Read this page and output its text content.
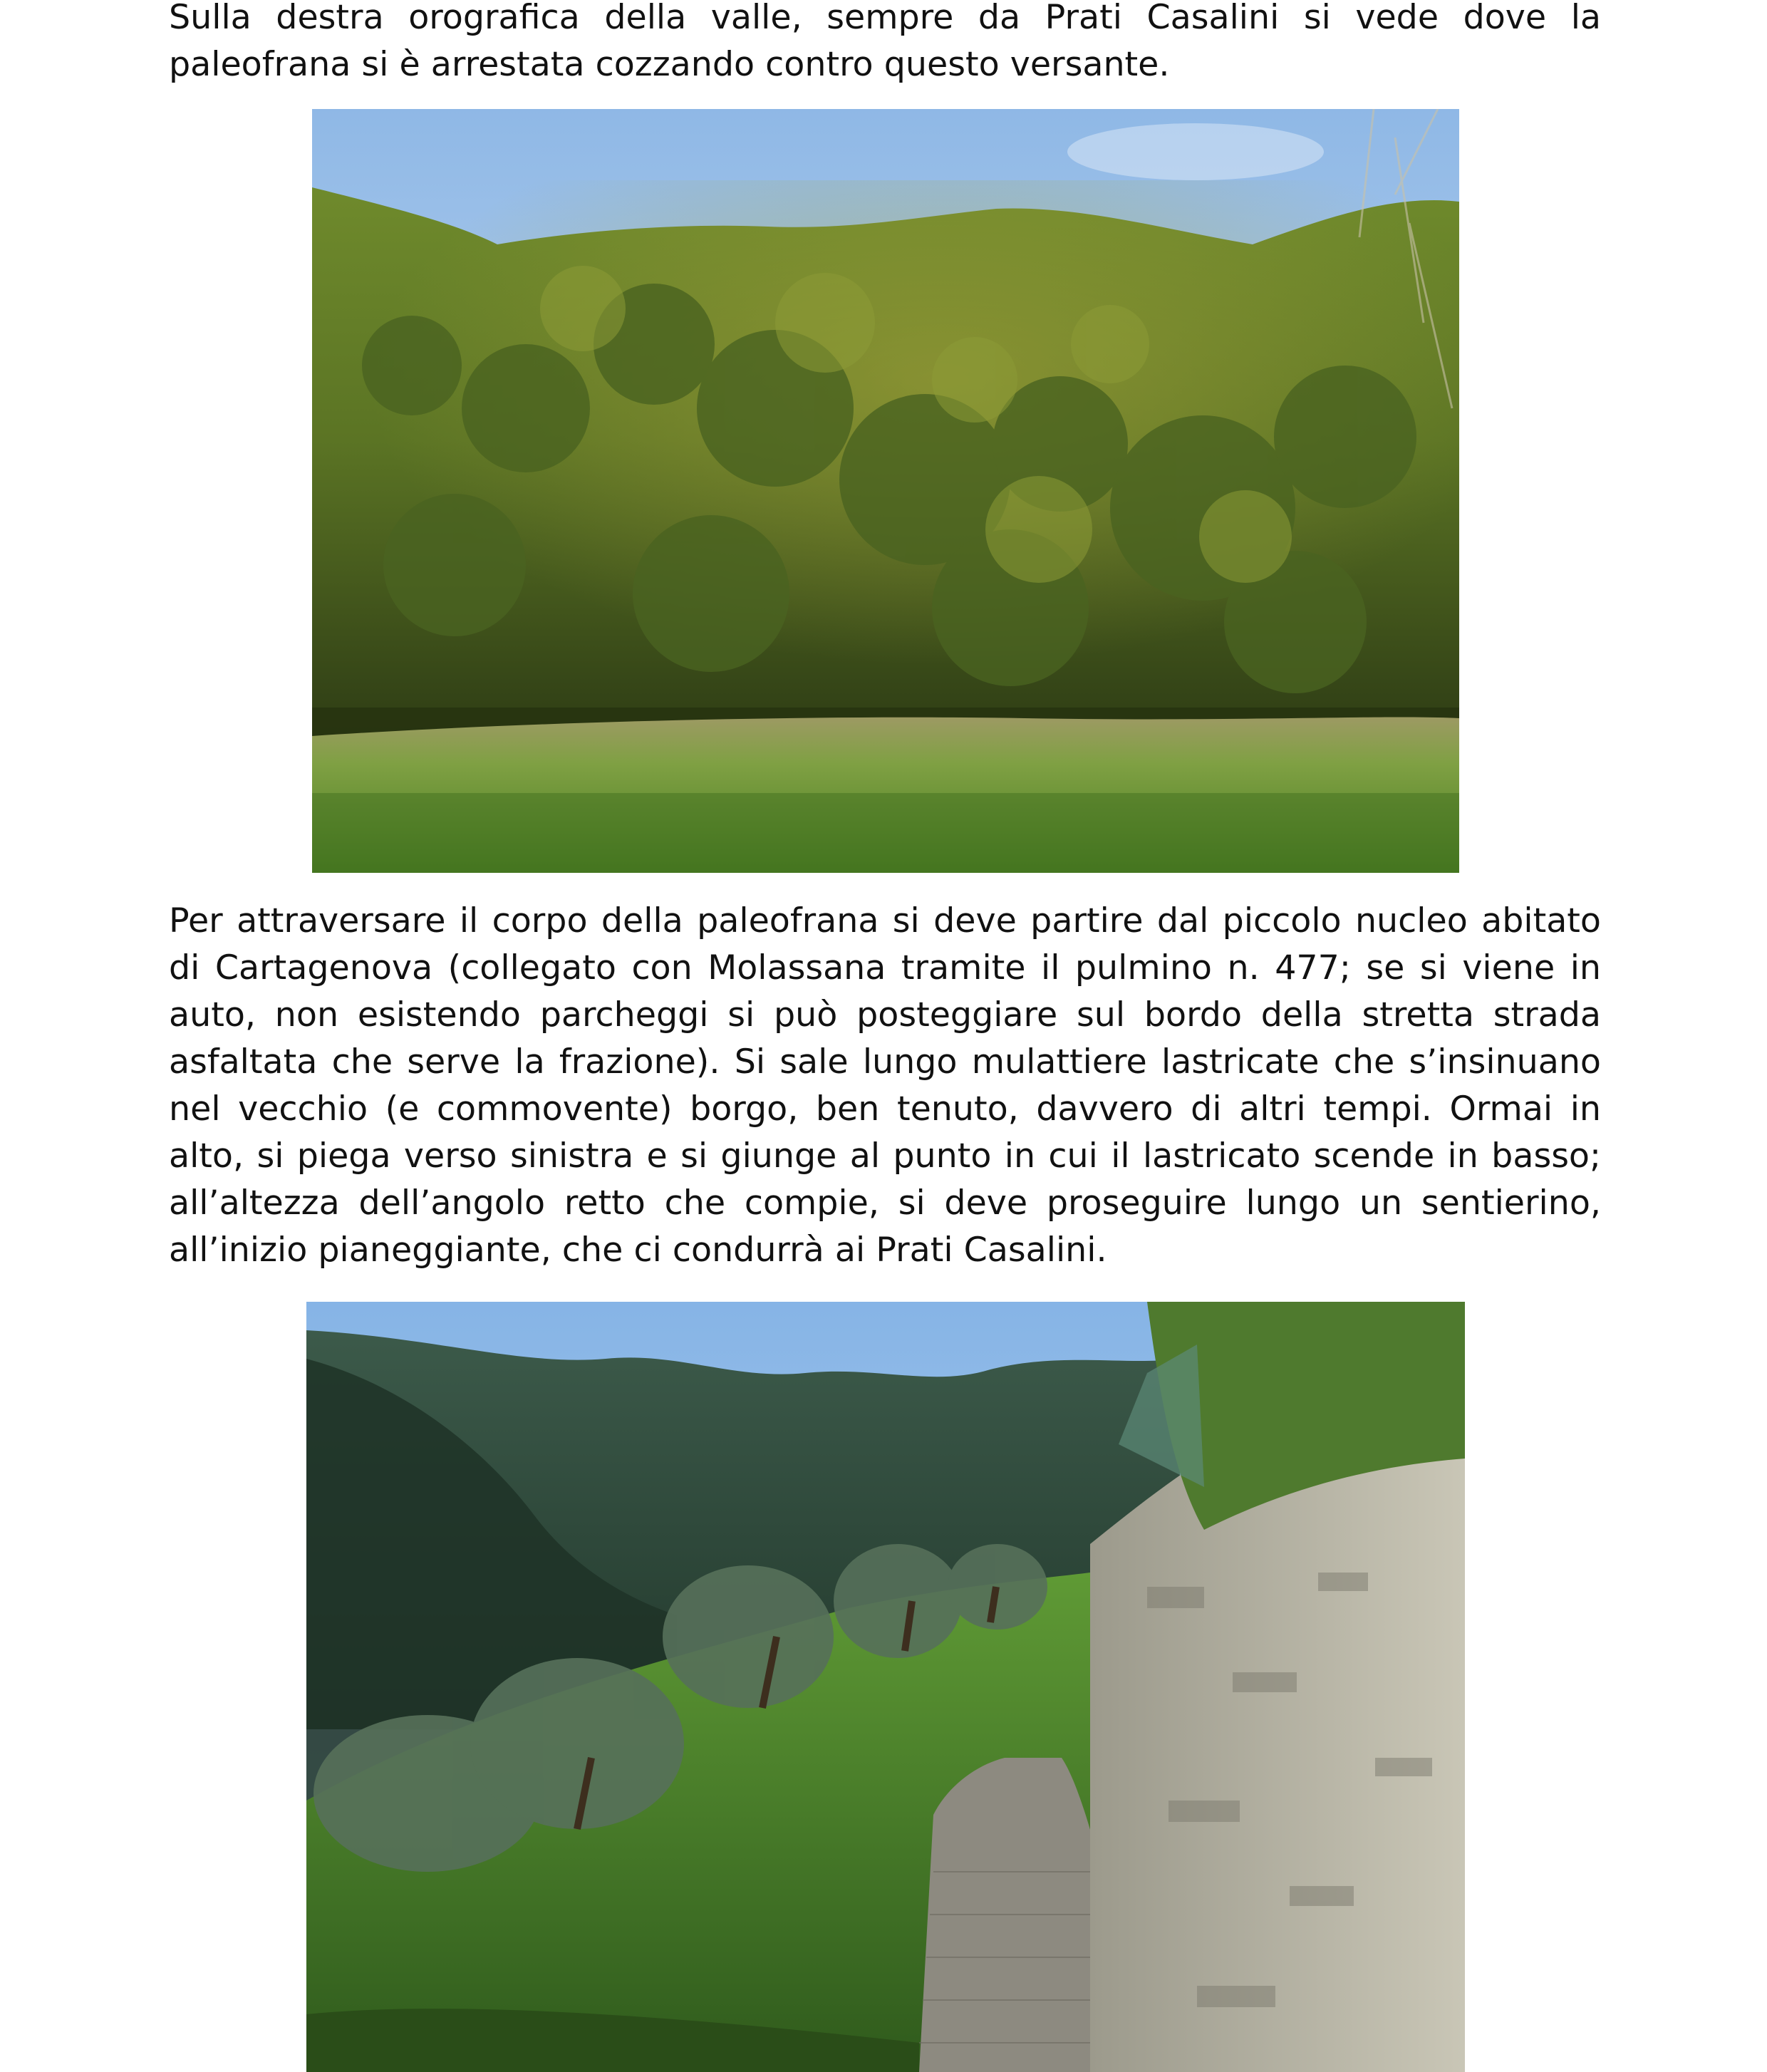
Sulla destra orografica della valle, sempre da Prati Casalini si vede dove la paleofrana si è arrestata cozzando contro questo versante.

Per attraversare il corpo della paleofrana si deve partire dal piccolo nucleo abitato di Cartagenova (collegato con Molassana tramite il pulmino n. 477; se si viene in auto, non esistendo parcheggi si può posteggiare sul bordo della stretta strada asfaltata che serve la frazione). Si sale lungo mulattiere lastricate che s’insinuano nel vecchio (e commovente) borgo, ben tenuto, davvero di altri tempi. Ormai in alto, si piega verso sinistra e si giunge al punto in cui il lastricato scende in basso; all’altezza dell’angolo retto che compie, si deve proseguire lungo un sentierino, all’inizio pianeggiante, che ci condurrà ai Prati Casalini.
